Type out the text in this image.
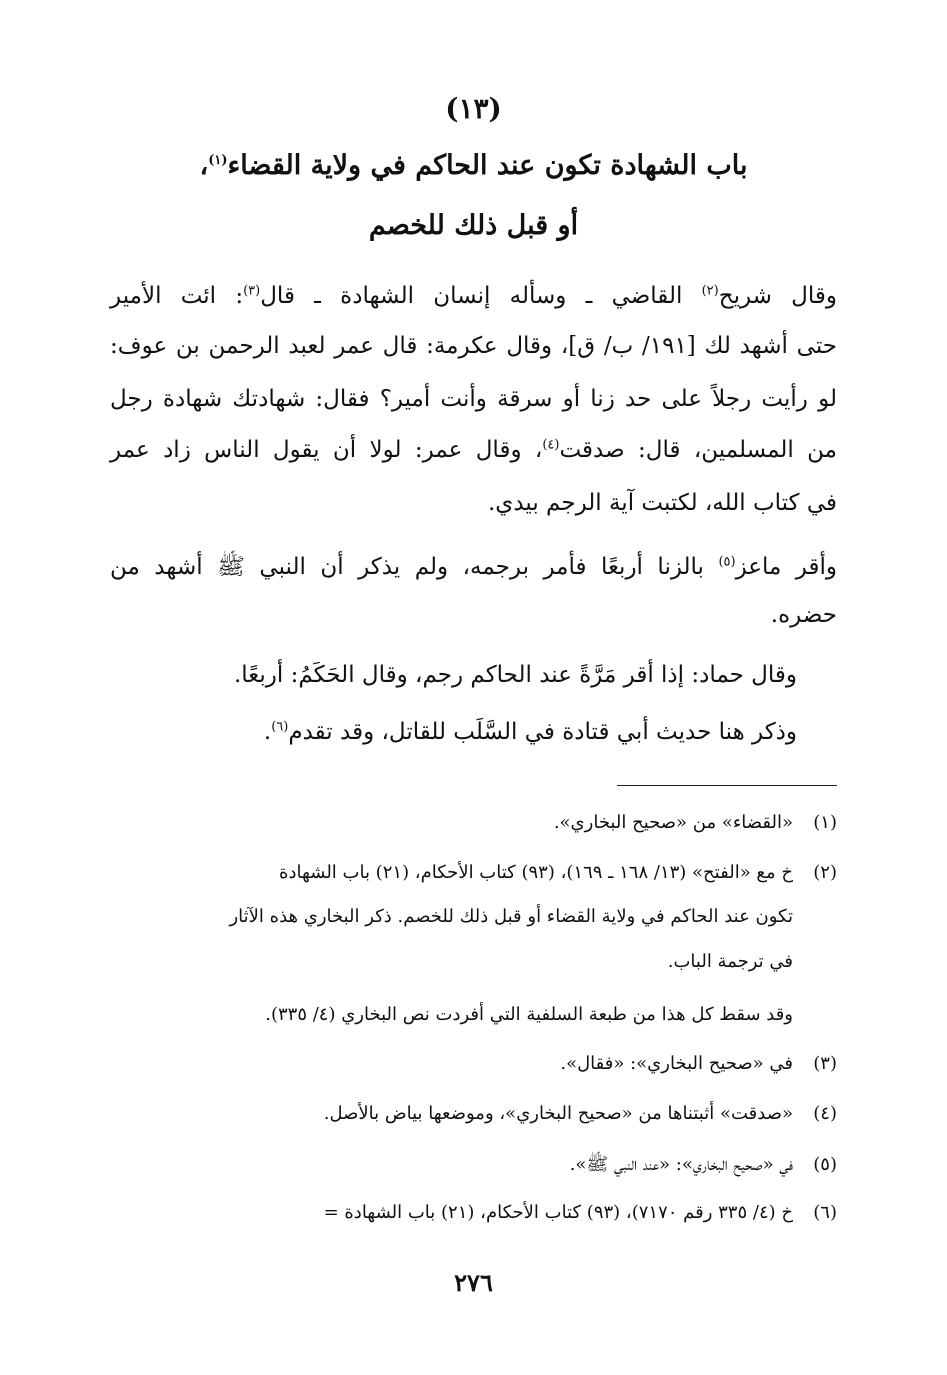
(١٣)
باب الشهادة تكون عند الحاكم في ولاية القضاء$^{(١)}$،
أو قبل ذلك للخصم
وقال شريح$^{(٢)}$ القاضي ـ وسأله إنسان الشهادة ـ قال$^{(٣)}$: ائت الأمير
حتى أشهد لك [١٩١/ ب/ ق]، وقال عكرمة: قال عمر لعبد الرحمن بن عوف:
لو رأيت رجلاً على حد زنا أو سرقة وأنت أمير؟ فقال: شهادتك شهادة رجل
من المسلمين، قال: صدقت$^{(٤)}$، وقال عمر: لولا أن يقول الناس زاد عمر
في كتاب الله، لكتبت آية الرجم بيدي.
وأقر ماعز$^{(٥)}$ بالزنا أربعًا فأمر برجمه، ولم يذكر أن النبي ﷺ أشهد من
حضره.
وقال حماد: إذا أقر مَرَّةً عند الحاكم رجم، وقال الحَكَمُ: أربعًا.
وذكر هنا حديث أبي قتادة في السَّلَب للقاتل، وقد تقدم$^{(٦)}$.
(١)«القضاء» من «صحيح البخاري».
(٢)خ مع «الفتح» (١٣/ ١٦٨ ـ ١٦٩)، (٩٣) كتاب الأحكام، (٢١) باب الشهادة
تكون عند الحاكم في ولاية القضاء أو قبل ذلك للخصم. ذكر البخاري هذه الآثار
في ترجمة الباب.
وقد سقط كل هذا من طبعة السلفية التي أفردت نص البخاري (٤/ ٣٣٥).
(٣)في «صحيح البخاري»: «فقال».
(٤)«صدقت» أثبتناها من «صحيح البخاري»، وموضعها بياض بالأصل.
(٥)في «صحيح البخاري»: «عند النبي ﷺ».
(٦)خ (٤/ ٣٣٥ رقم ٧١٧٠)، (٩٣) كتاب الأحكام، (٢١) باب الشهادة =
٢٧٦
